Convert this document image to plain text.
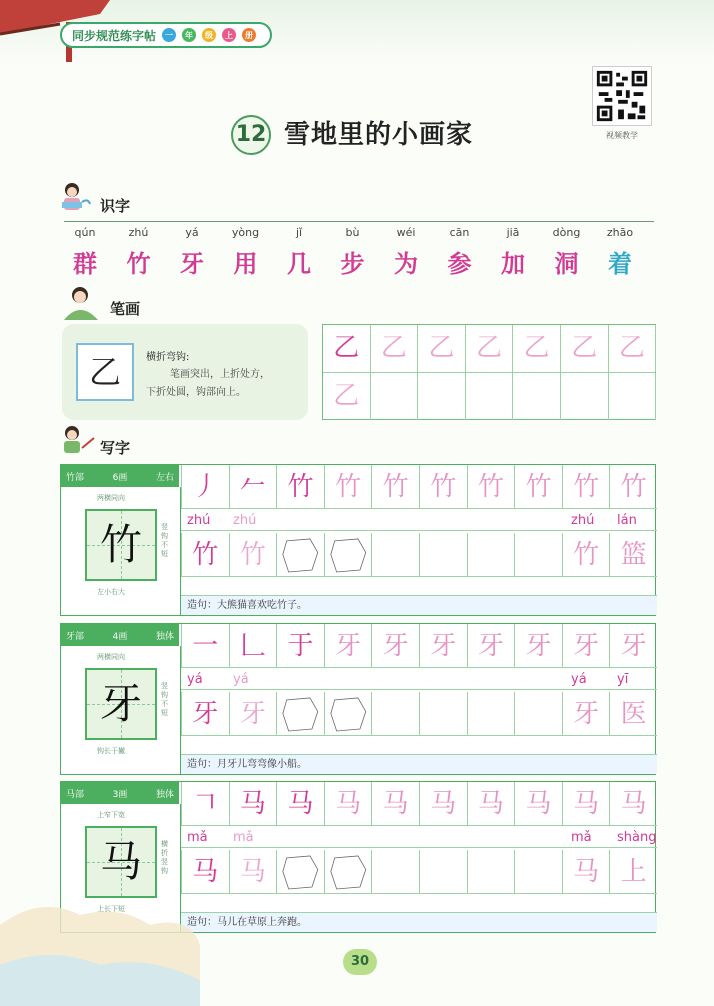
同步规范练字帖	一	年	级	上	册
视频教学
12 雪地里的小画家
识字
qún
群
zhú
竹
yá
牙
yòng
用
jǐ
几
bù
步
wéi
为
cān
参
jiā
加
dòng
洞
zhāo
着
笔画
乙	横折弯钩:
笔画突出，上折处方，
下折处圆，钩部向上。
乙 乙 乙 乙 乙 乙 乙
乙
写字
竹部	6画	左右
两横同向
竹	竖钩不短
左小右大
丿 𠂉 竹 竹 竹 竹 竹 竹 竹 竹
zhú zhú	zhú lán
竹 竹	竹 篮
造句：大熊猫喜欢吃竹子。
牙部	4画	独体
两横同向
牙	竖钩不短
钩长于撇
一 𠃊 于 牙 牙 牙 牙 牙 牙 牙
yá yá	yá yī
牙 牙	牙 医
造句：月牙儿弯弯像小船。
马部	3画	独体
上窄下宽
马	横折竖钩
上长下短
𠃍 马 马 马 马 马 马 马 马 马
mǎ mǎ	mǎ shàng
马 马	马 上
造句：马儿在草原上奔跑。
30
